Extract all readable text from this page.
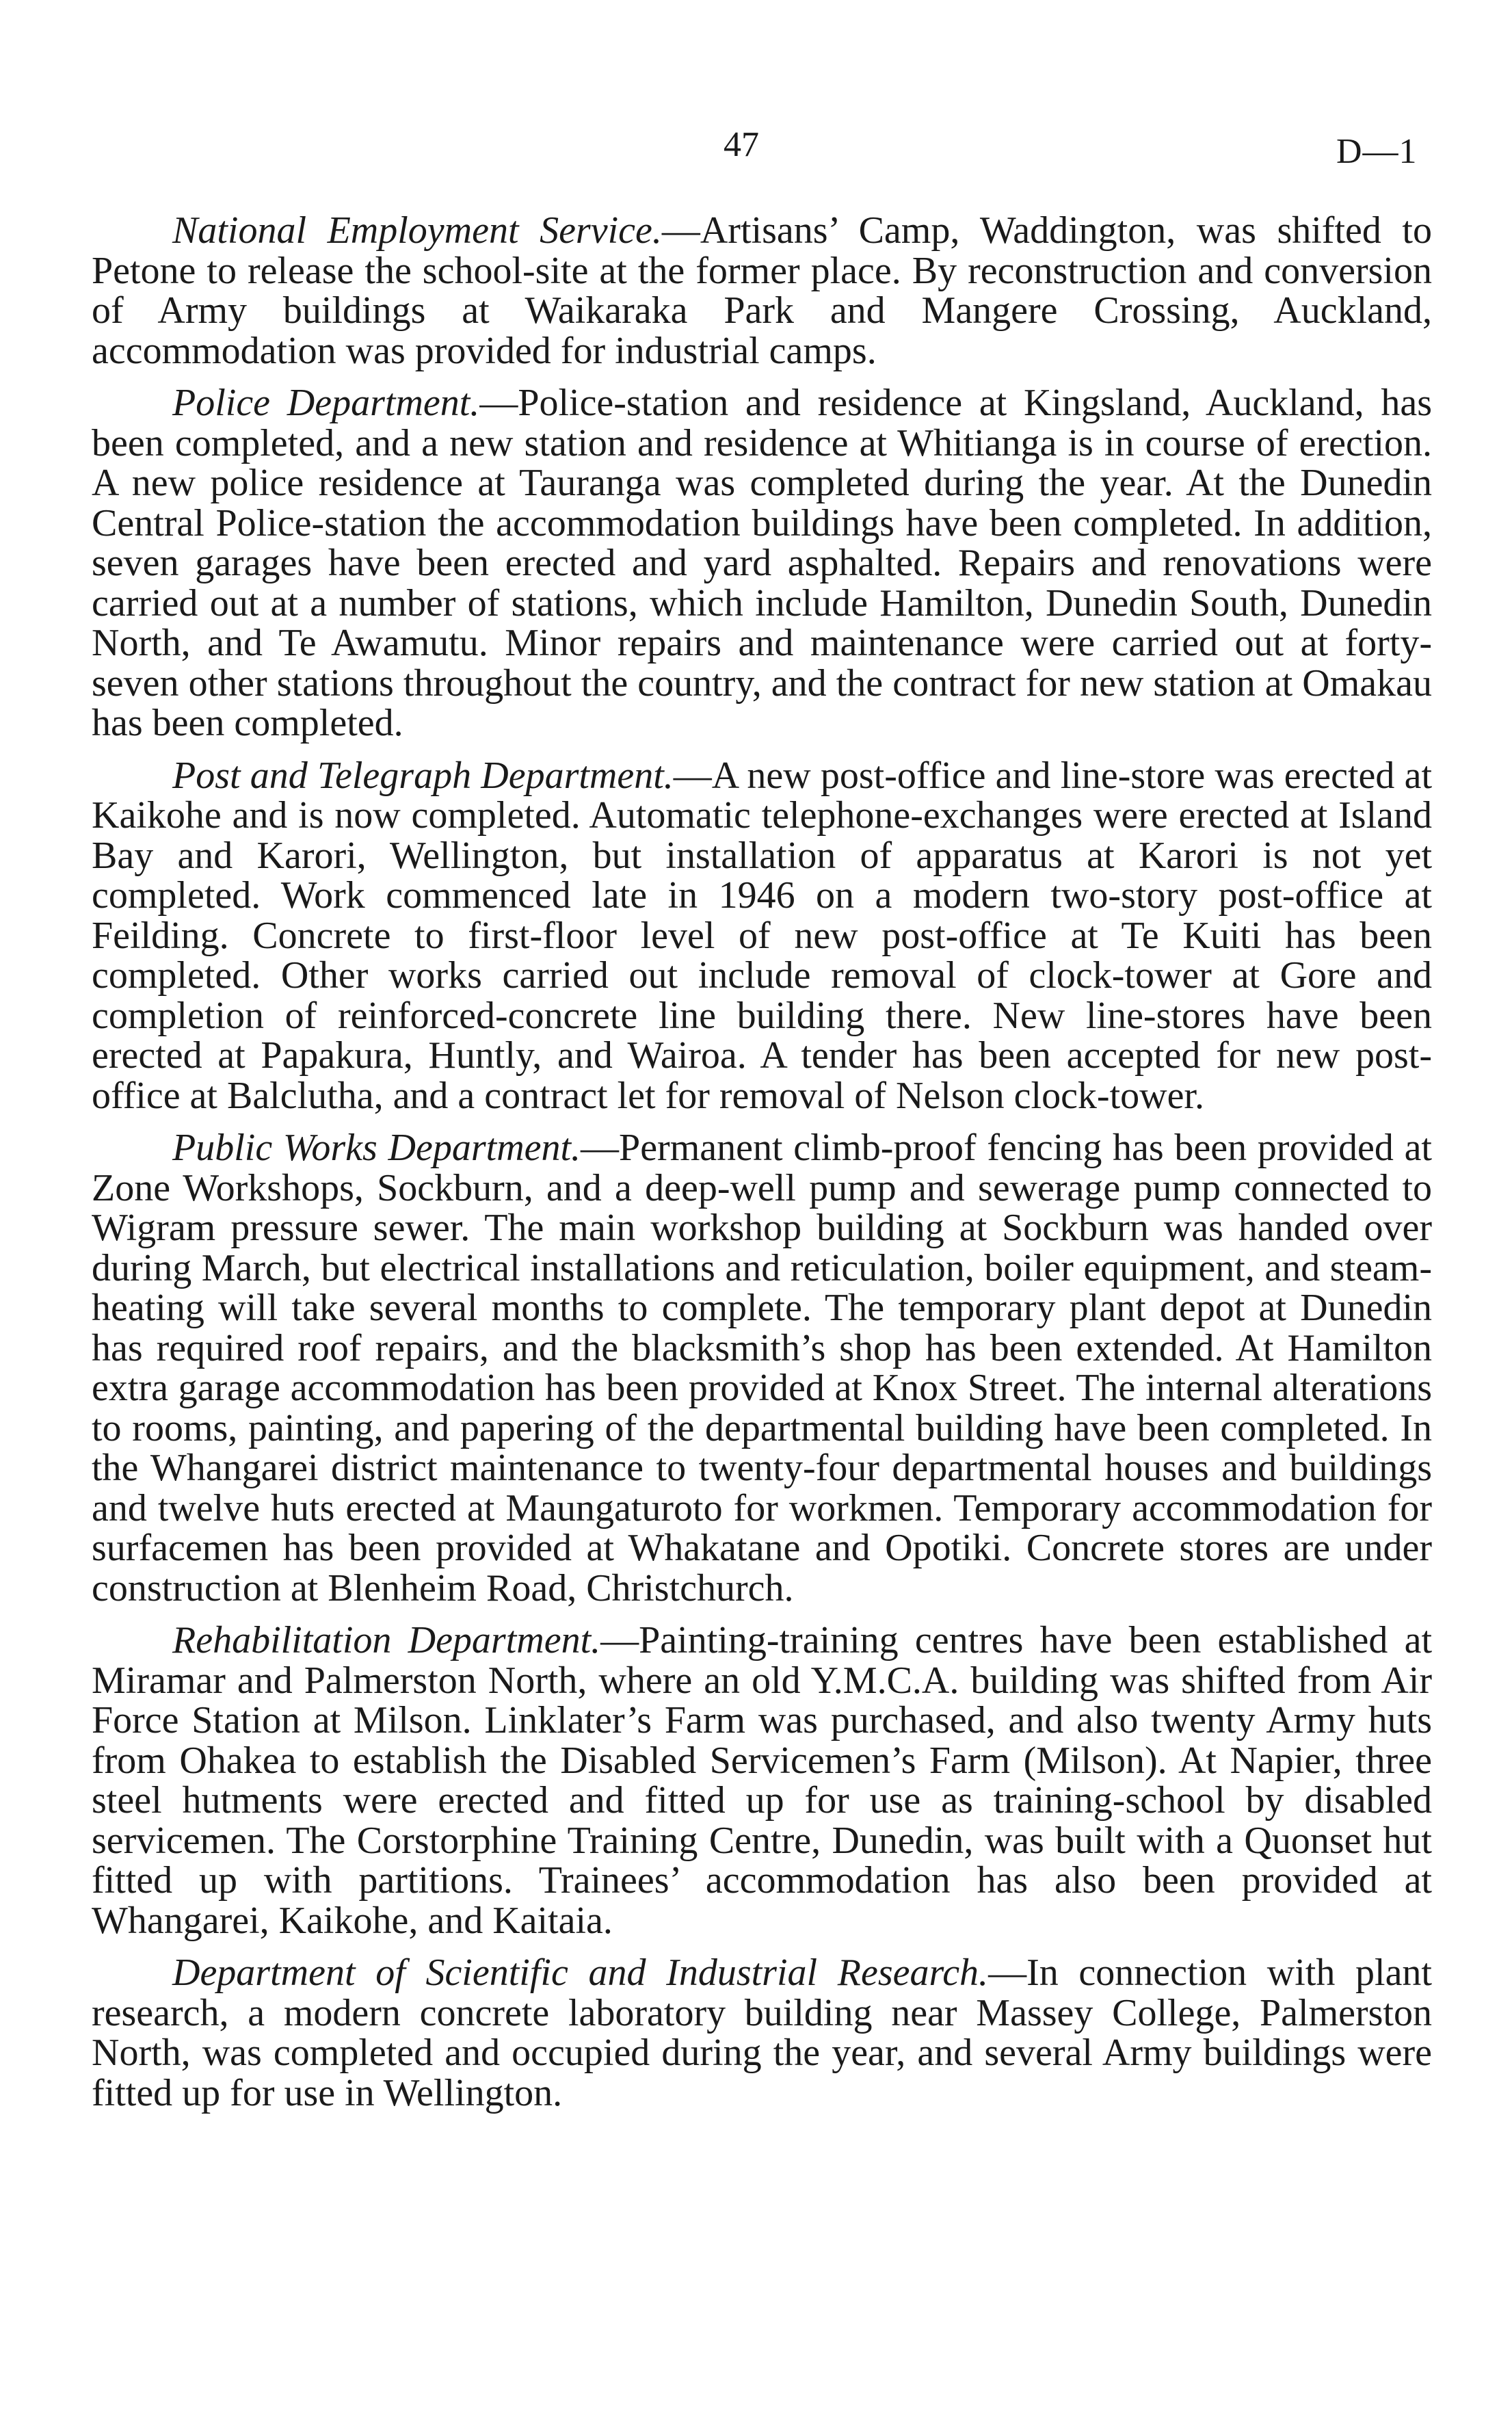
47	D—1

National Employment Service.—Artisans’ Camp, Waddington, was shifted to Petone to release the school-site at the former place. By reconstruction and conversion of Army buildings at Waikaraka Park and Mangere Crossing, Auckland, accommodation was provided for industrial camps.

Police Department.—Police-station and residence at Kingsland, Auckland, has been completed, and a new station and residence at Whitianga is in course of erection. A new police residence at Tauranga was completed during the year. At the Dunedin Central Police-station the accommodation buildings have been completed. In addition, seven garages have been erected and yard asphalted. Repairs and renovations were carried out at a number of stations, which include Hamilton, Dunedin South, Dunedin North, and Te Awamutu. Minor repairs and maintenance were carried out at forty-seven other stations throughout the country, and the contract for new station at Omakau has been completed.

Post and Telegraph Department.—A new post-office and line-store was erected at Kaikohe and is now completed. Automatic telephone-exchanges were erected at Island Bay and Karori, Wellington, but installation of apparatus at Karori is not yet completed. Work commenced late in 1946 on a modern two-story post-office at Feilding. Concrete to first-floor level of new post-office at Te Kuiti has been completed. Other works carried out include removal of clock-tower at Gore and completion of reinforced-concrete line building there. New line-stores have been erected at Papakura, Huntly, and Wairoa. A tender has been accepted for new post-office at Balclutha, and a contract let for removal of Nelson clock-tower.

Public Works Department.—Permanent climb-proof fencing has been provided at Zone Workshops, Sockburn, and a deep-well pump and sewerage pump connected to Wigram pressure sewer. The main workshop building at Sockburn was handed over during March, but electrical installations and reticulation, boiler equipment, and steam-heating will take several months to complete. The temporary plant depot at Dunedin has required roof repairs, and the blacksmith’s shop has been extended. At Hamilton extra garage accommodation has been provided at Knox Street. The internal alterations to rooms, painting, and papering of the departmental building have been completed. In the Whangarei district maintenance to twenty-four departmental houses and buildings and twelve huts erected at Maungaturoto for workmen. Temporary accommodation for surfacemen has been provided at Whakatane and Opotiki. Concrete stores are under construction at Blenheim Road, Christchurch.

Rehabilitation Department.—Painting-training centres have been established at Miramar and Palmerston North, where an old Y.M.C.A. building was shifted from Air Force Station at Milson. Linklater’s Farm was purchased, and also twenty Army huts from Ohakea to establish the Disabled Servicemen’s Farm (Milson). At Napier, three steel hutments were erected and fitted up for use as training-school by disabled servicemen. The Corstorphine Training Centre, Dunedin, was built with a Quonset hut fitted up with partitions. Trainees’ accommodation has also been provided at Whangarei, Kaikohe, and Kaitaia.

Department of Scientific and Industrial Research.—In connection with plant research, a modern concrete laboratory building near Massey College, Palmerston North, was completed and occupied during the year, and several Army buildings were fitted up for use in Wellington.
